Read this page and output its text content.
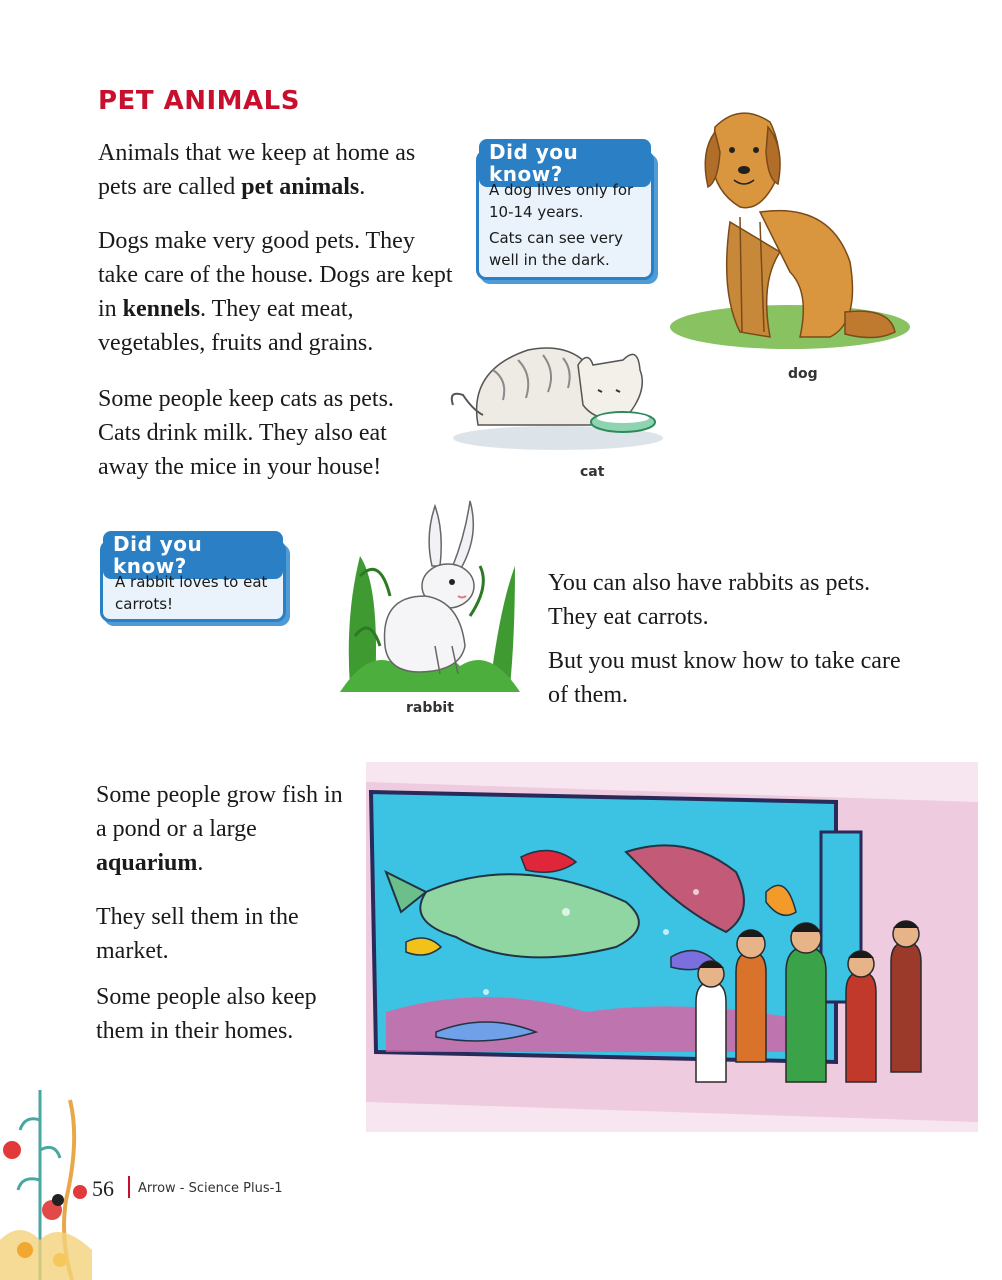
PET ANIMALS

Animals that we keep at home as pets are called pet animals.

Dogs make very good pets. They take care of the house. Dogs are kept in kennels. They eat meat, vegetables, fruits and grains.

Some people keep cats as pets. Cats drink milk. They also eat away the mice in your house!

Did you know?
A dog lives only for 10-14 years.
Cats can see very well in the dark.
dog
cat
Did you know?
A rabbit loves to eat carrots!
rabbit

You can also have rabbits as pets. They eat carrots.

But you must know how to take care of them.

Some people grow fish in a pond or a large aquarium.

They sell them in the market.

Some people also keep them in their homes.

56 Arrow - Science Plus-1
